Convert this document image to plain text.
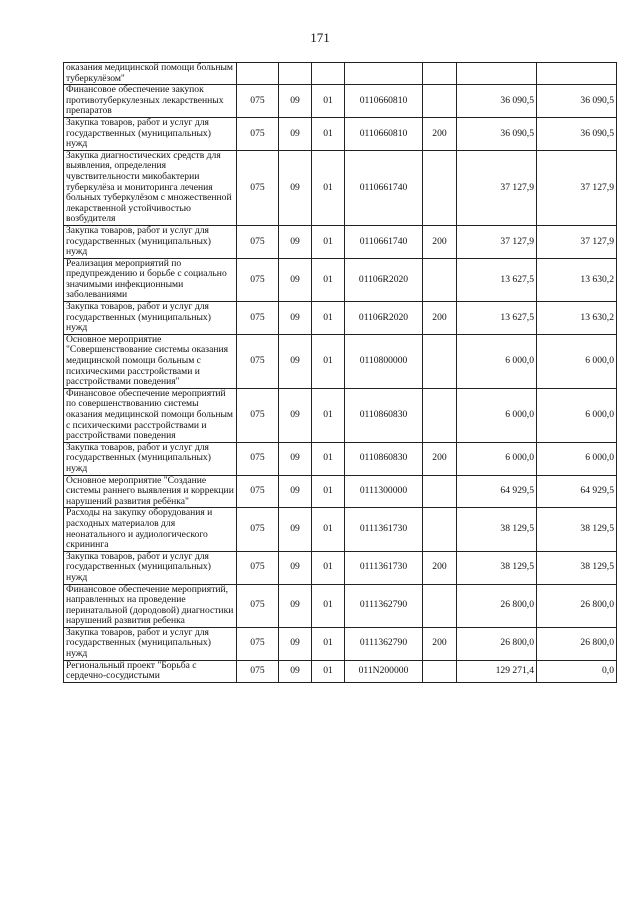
171
оказания медицинской помощи больным туберкулёзом"							
Финансовое обеспечение закупок противотуберкулезных лекарственных препаратов	075	09	01	0110660810		36 090,5	36 090,5
Закупка товаров, работ и услуг для государственных (муниципальных) нужд	075	09	01	0110660810	200	36 090,5	36 090,5
Закупка диагностических средств для выявления, определения чувствительности микобактерии туберкулёза и мониторинга лечения больных туберкулёзом с множественной лекарственной устойчивостью возбудителя	075	09	01	0110661740		37 127,9	37 127,9
Закупка товаров, работ и услуг для государственных (муниципальных) нужд	075	09	01	0110661740	200	37 127,9	37 127,9
Реализация мероприятий по предупреждению и борьбе с социально значимыми инфекционными заболеваниями	075	09	01	01106R2020		13 627,5	13 630,2
Закупка товаров, работ и услуг для государственных (муниципальных) нужд	075	09	01	01106R2020	200	13 627,5	13 630,2
Основное мероприятие "Совершенствование системы оказания медицинской помощи больным с психическими расстройствами и расстройствами поведения"	075	09	01	0110800000		6 000,0	6 000,0
Финансовое обеспечение мероприятий по совершенствованию системы оказания медицинской помощи больным с психическими расстройствами и расстройствами поведения	075	09	01	0110860830		6 000,0	6 000,0
Закупка товаров, работ и услуг для государственных (муниципальных) нужд	075	09	01	0110860830	200	6 000,0	6 000,0
Основное мероприятие "Создание системы раннего выявления и коррекции нарушений развития ребёнка"	075	09	01	0111300000		64 929,5	64 929,5
Расходы на закупку оборудования и расходных материалов для неонатального и аудиологического скрининга	075	09	01	0111361730		38 129,5	38 129,5
Закупка товаров, работ и услуг для государственных (муниципальных) нужд	075	09	01	0111361730	200	38 129,5	38 129,5
Финансовое обеспечение мероприятий, направленных на проведение перинатальной (дородовой) диагностики нарушений развития ребенка	075	09	01	0111362790		26 800,0	26 800,0
Закупка товаров, работ и услуг для государственных (муниципальных) нужд	075	09	01	0111362790	200	26 800,0	26 800,0
Региональный проект "Борьба с сердечно-сосудистыми	075	09	01	011N200000		129 271,4	0,0
